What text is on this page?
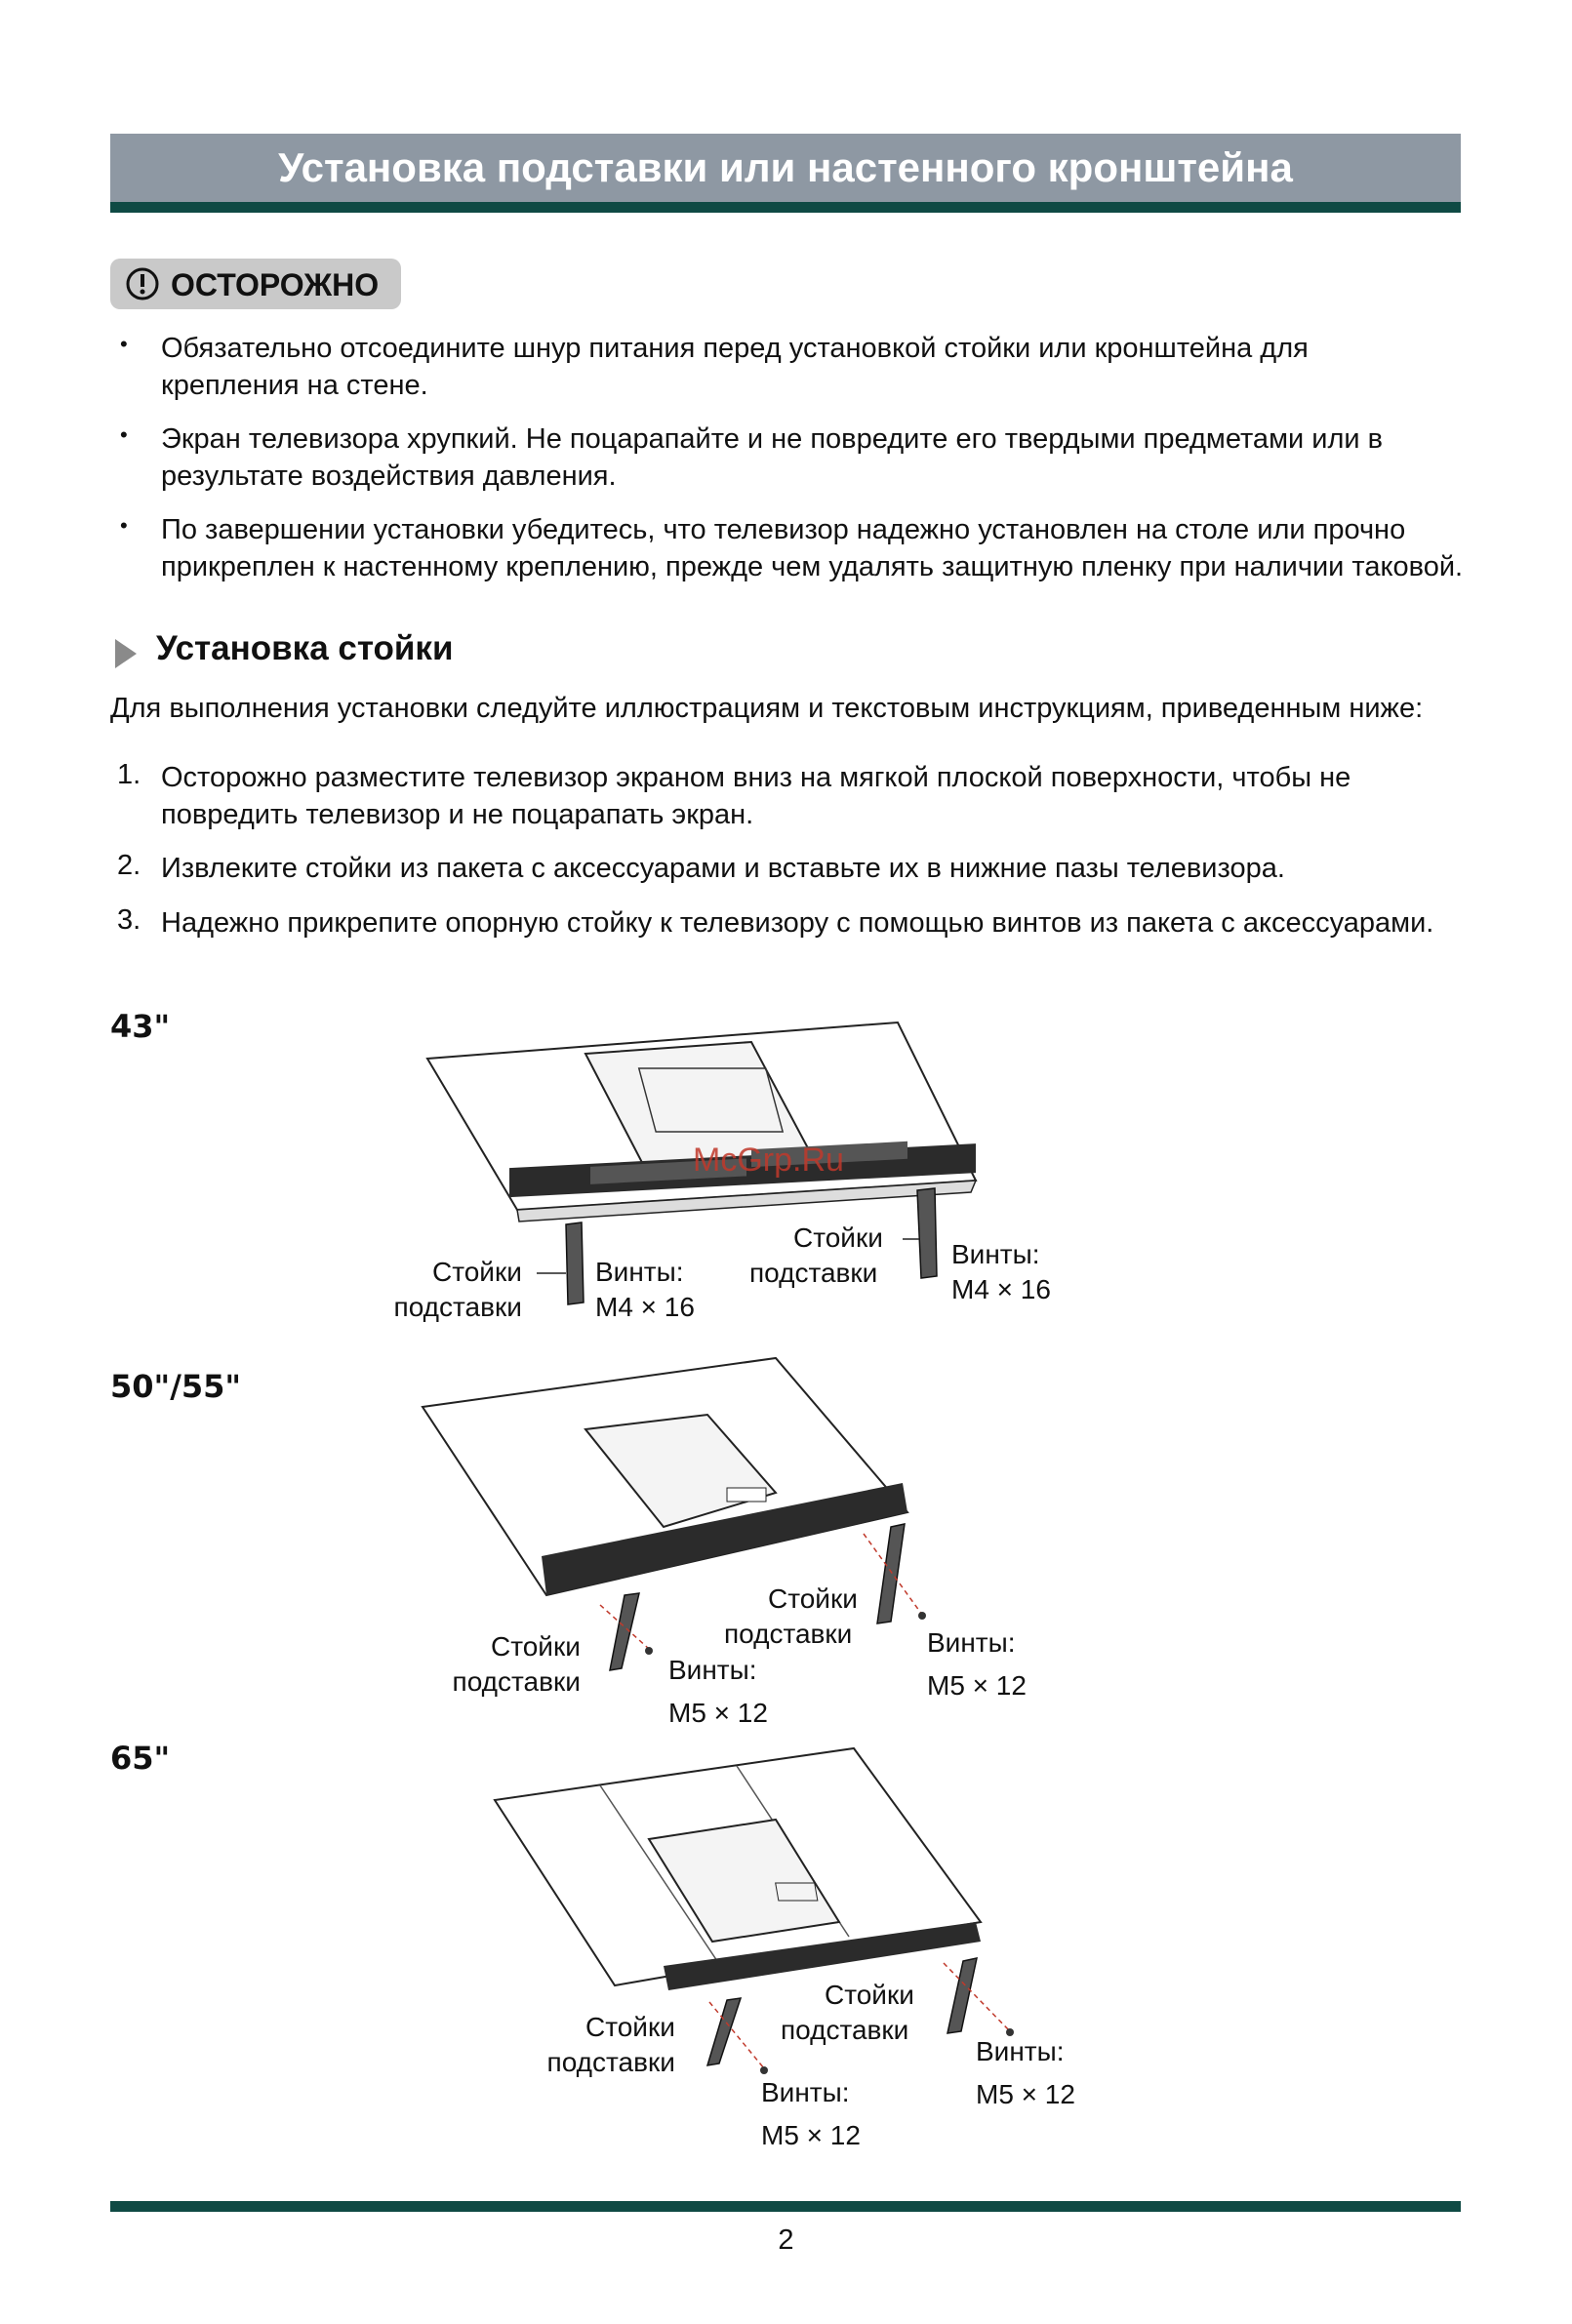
Установка подставки или настенного кронштейна
ОСТОРОЖНО
• Обязательно отсоедините шнур питания перед установкой стойки или кронштейна для
крепления на стене.
• Экран телевизора хрупкий. Не поцарапайте и не повредите его твердыми предметами или в
результате воздействия давления.
• По завершении установки убедитесь, что телевизор надежно установлен на столе или прочно
прикреплен к настенному креплению, прежде чем удалять защитную пленку при наличии таковой.
Установка стойки
Для выполнения установки следуйте иллюстрациям и текстовым инструкциям, приведенным ниже:
1. Осторожно разместите телевизор экраном вниз на мягкой плоской поверхности, чтобы не
повредить телевизор и не поцарапать экран.
2. Извлеките стойки из пакета с аксессуарами и вставьте их в нижние пазы телевизора.
3. Надежно прикрепите опорную стойку к телевизору с помощью винтов из пакета с аксессуарами.
43"
McGrp.Ru
Стойки
подставки
Винты:
M4 × 16
Стойки
подставки
Винты:
M4 × 16
50"/55"
Стойки
подставки	Винты:
M5 × 12
Стойки
подставки	Винты:
M5 × 12
65"
Стойки
подставки
Винты:
M5 × 12
Стойки
подставки
Винты:
M5 × 12
2
